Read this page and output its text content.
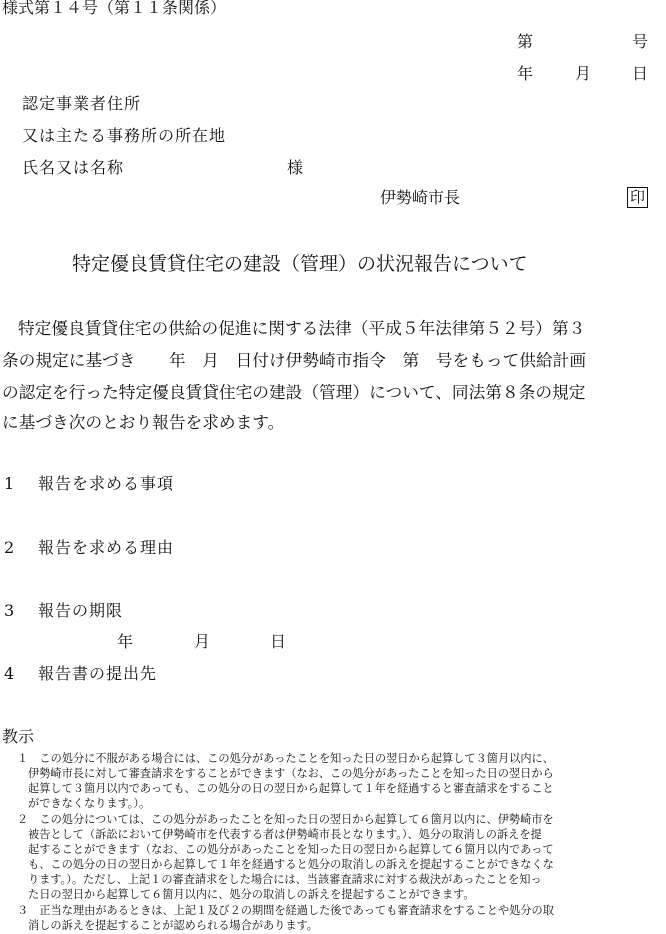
様式第１４号（第１１条関係）
第	号
年	月	日
認定事業者住所
又は主たる事務所の所在地
氏名又は名称	様
伊勢崎市長	印
特定優良賃貸住宅の建設（管理）の状況報告について
特定優良賃貸住宅の供給の促進に関する法律（平成５年法律第５２号）第３
条の規定に基づき　　年　月　日付け伊勢崎市指令　第　号をもって供給計画
の認定を行った特定優良賃貸住宅の建設（管理）について、同法第８条の規定
に基づき次のとおり報告を求めます。
1 報告を求める事項
2 報告を求める理由
3 報告の期限
年	月	日
4 報告書の提出先
教示
１　この処分に不服がある場合には、この処分があったことを知った日の翌日から起算して３箇月以内に、
伊勢崎市長に対して審査請求をすることができます（なお、この処分があったことを知った日の翌日から
起算して３箇月以内であっても、この処分の日の翌日から起算して１年を経過すると審査請求をすること
ができなくなります。）。
２　この処分については、この処分があったことを知った日の翌日から起算して６箇月以内に、伊勢崎市を
被告として（訴訟において伊勢崎市を代表する者は伊勢崎市長となります。）、処分の取消しの訴えを提
起することができます（なお、この処分があったことを知った日の翌日から起算して６箇月以内であって
も、この処分の日の翌日から起算して１年を経過すると処分の取消しの訴えを提起することができなくな
ります。）。ただし、上記１の審査請求をした場合には、当該審査請求に対する裁決があったことを知っ
た日の翌日から起算して６箇月以内に、処分の取消しの訴えを提起することができます。
３　正当な理由があるときは、上記１及び２の期間を経過した後であっても審査請求をすることや処分の取
消しの訴えを提起することが認められる場合があります。
